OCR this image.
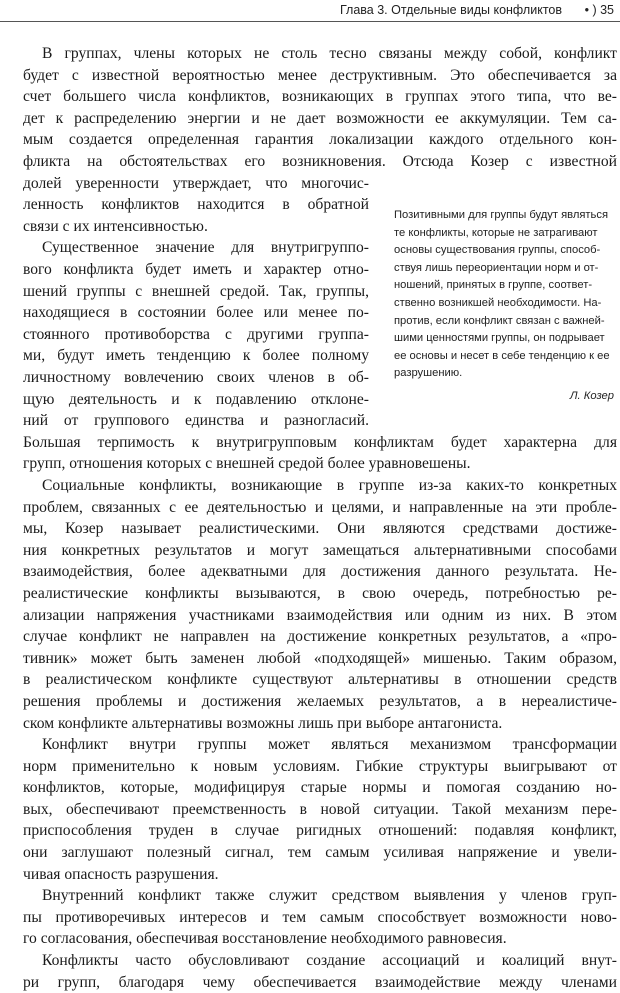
Глава 3. Отдельные виды конфликтов • ) 35
В группах, члены которых не столь тесно связаны между собой, конфликт
будет с известной вероятностью менее деструктивным. Это обеспечивается за
счет большего числа конфликтов, возникающих в группах этого типа, что ве-
дет к распределению энергии и не дает возможности ее аккумуляции. Тем са-
мым создается определенная гарантия локализации каждого отдельного кон-
фликта на обстоятельствах его возникновения. Отсюда Козер с известной
долей уверенности утверждает, что многочис-
ленность конфликтов находится в обратной
связи с их интенсивностью.
Существенное значение для внутригруппо-
вого конфликта будет иметь и характер отно-
шений группы с внешней средой. Так, группы,
находящиеся в состоянии более или менее по-
стоянного противоборства с другими группа-
ми, будут иметь тенденцию к более полному
личностному вовлечению своих членов в об-
щую деятельность и к подавлению отклоне-
ний от группового единства и разногласий.
Позитивными для группы будут являться
те конфликты, которые не затрагивают
основы существования группы, способ-
ствуя лишь переориентации норм и от-
ношений, принятых в группе, соответ-
ственно возникшей необходимости. На-
против, если конфликт связан с важней-
шими ценностями группы, он подрывает
ее основы и несет в себе тенденцию к ее
разрушению.
Л. Козер
Большая терпимость к внутригрупповым конфликтам будет характерна для
групп, отношения которых с внешней средой более уравновешены.
Социальные конфликты, возникающие в группе из-за каких-то конкретных
проблем, связанных с ее деятельностью и целями, и направленные на эти пробле-
мы, Козер называет реалистическими. Они являются средствами достиже-
ния конкретных результатов и могут замещаться альтернативными способами
взаимодействия, более адекватными для достижения данного результата. Не-
реалистические конфликты вызываются, в свою очередь, потребностью ре-
ализации напряжения участниками взаимодействия или одним из них. В этом
случае конфликт не направлен на достижение конкретных результатов, а «про-
тивник» может быть заменен любой «подходящей» мишенью. Таким образом,
в реалистическом конфликте существуют альтернативы в отношении средств
решения проблемы и достижения желаемых результатов, а в нереалистиче-
ском конфликте альтернативы возможны лишь при выборе антагониста.
Конфликт внутри группы может являться механизмом трансформации
норм применительно к новым условиям. Гибкие структуры выигрывают от
конфликтов, которые, модифицируя старые нормы и помогая созданию но-
вых, обеспечивают преемственность в новой ситуации. Такой механизм пере-
приспособления труден в случае ригидных отношений: подавляя конфликт,
они заглушают полезный сигнал, тем самым усиливая напряжение и увели-
чивая опасность разрушения.
Внутренний конфликт также служит средством выявления у членов груп-
пы противоречивых интересов и тем самым способствует возможности ново-
го согласования, обеспечивая восстановление необходимого равновесия.
Конфликты часто обусловливают создание ассоциаций и коалиций внут-
ри групп, благодаря чему обеспечивается взаимодействие между членами
